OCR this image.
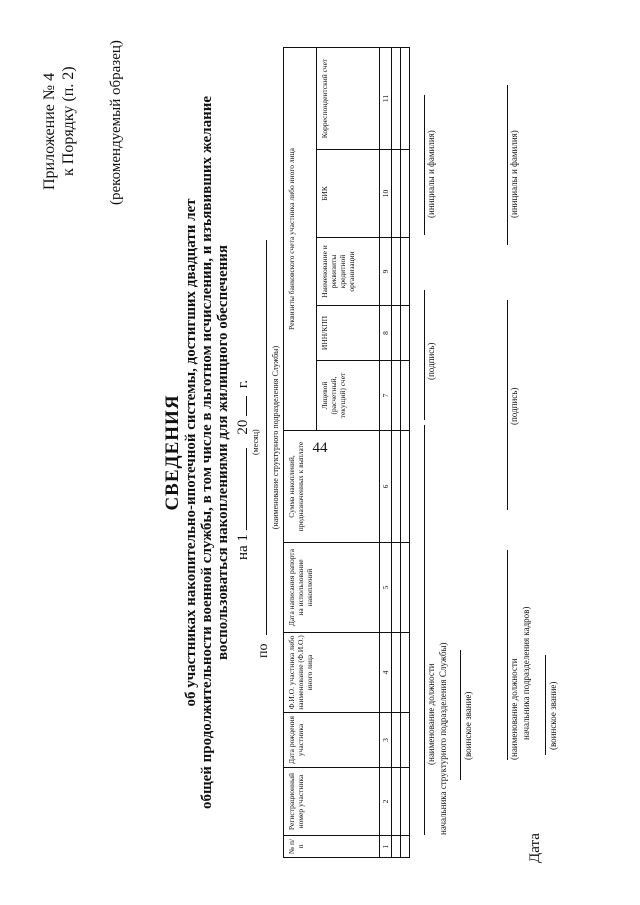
44
Приложение № 4 к Порядку (п. 2) (рекомендуемый образец)
СВЕДЕНИЯ об участниках накопительно-ипотечной системы, достигших двадцати лет общей продолжительности военной службы, в том числе в льготном исчислении, и изъявивших желание воспользоваться накоплениями для жилищного обеспечения на 1  20  г.
(месяц)
по
(наименование структурного подразделения Службы)
№ п/п	Регистрационный номер участника	Дата рождения участника	Ф.И.О. участника либо наименование (Ф.И.О.) иного лица	Дата написания рапорта на использование накоплений	Сумма накоплений, предназначенных к выплате	Реквизиты банковского счета участника либо иного лица				
						Лицевой (расчетный, текущий) счет	ИНН/КПП	Наименование и реквизиты кредитной организации	БИК	Корреспондентский счет
1	2	3	4	5	6	7	8	9	10	11

(наименование должности начальника структурного подразделения Службы) (воинское звание)
(подпись)
(инициалы и фамилия)
Дата
(наименование должности начальника подразделения кадров) (воинское звание)
(подпись)
(инициалы и фамилия)
